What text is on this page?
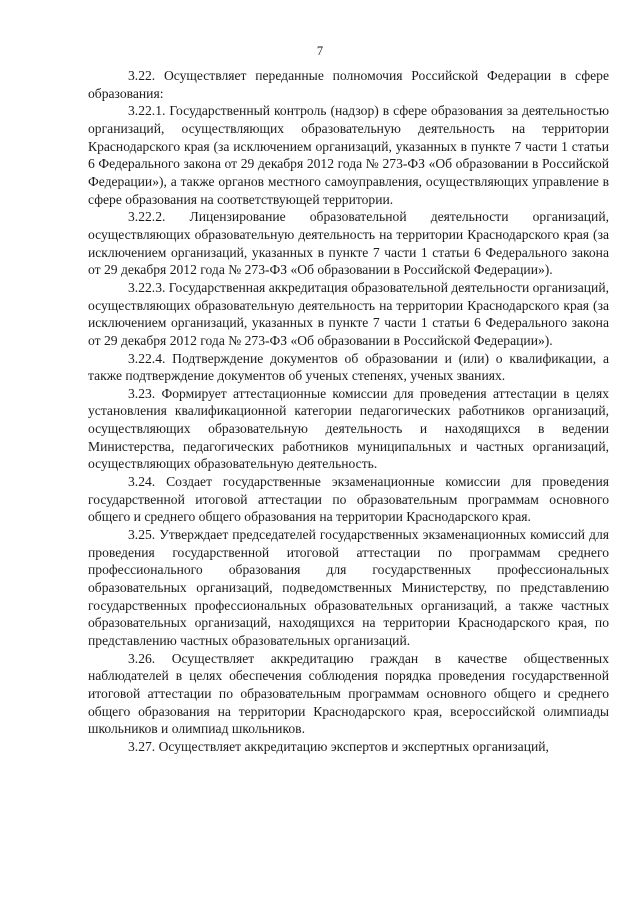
7

3.22. Осуществляет переданные полномочия Российской Федерации в сфере образования:

3.22.1. Государственный контроль (надзор) в сфере образования за деятельностью организаций, осуществляющих образовательную деятельность на территории Краснодарского края (за исключением организаций, указанных в пункте 7 части 1 статьи 6 Федерального закона от 29 декабря 2012 года № 273-ФЗ «Об образовании в Российской Федерации»), а также органов местного самоуправления, осуществляющих управление в сфере образования на соответствующей территории.

3.22.2. Лицензирование образовательной деятельности организаций, осуществляющих образовательную деятельность на территории Краснодарского края (за исключением организаций, указанных в пункте 7 части 1 статьи 6 Федерального закона от 29 декабря 2012 года № 273-ФЗ «Об образовании в Российской Федерации»).

3.22.3. Государственная аккредитация образовательной деятельности организаций, осуществляющих образовательную деятельность на территории Краснодарского края (за исключением организаций, указанных в пункте 7 части 1 статьи 6 Федерального закона от 29 декабря 2012 года № 273-ФЗ «Об образовании в Российской Федерации»).

3.22.4. Подтверждение документов об образовании и (или) о квалификации, а также подтверждение документов об ученых степенях, ученых званиях.

3.23. Формирует аттестационные комиссии для проведения аттестации в целях установления квалификационной категории педагогических работников организаций, осуществляющих образовательную деятельность и находящихся в ведении Министерства, педагогических работников муниципальных и частных организаций, осуществляющих образовательную деятельность.

3.24. Создает государственные экзаменационные комиссии для проведения государственной итоговой аттестации по образовательным программам основного общего и среднего общего образования на территории Краснодарского края.

3.25. Утверждает председателей государственных экзаменационных комиссий для проведения государственной итоговой аттестации по программам среднего профессионального образования для государственных профессиональных образовательных организаций, подведомственных Министерству, по представлению государственных профессиональных образовательных организаций, а также частных образовательных организаций, находящихся на территории Краснодарского края, по представлению частных образовательных организаций.

3.26. Осуществляет аккредитацию граждан в качестве общественных наблюдателей в целях обеспечения соблюдения порядка проведения государственной итоговой аттестации по образовательным программам основного общего и среднего общего образования на территории Краснодарского края, всероссийской олимпиады школьников и олимпиад школьников.

3.27. Осуществляет аккредитацию экспертов и экспертных организаций,
